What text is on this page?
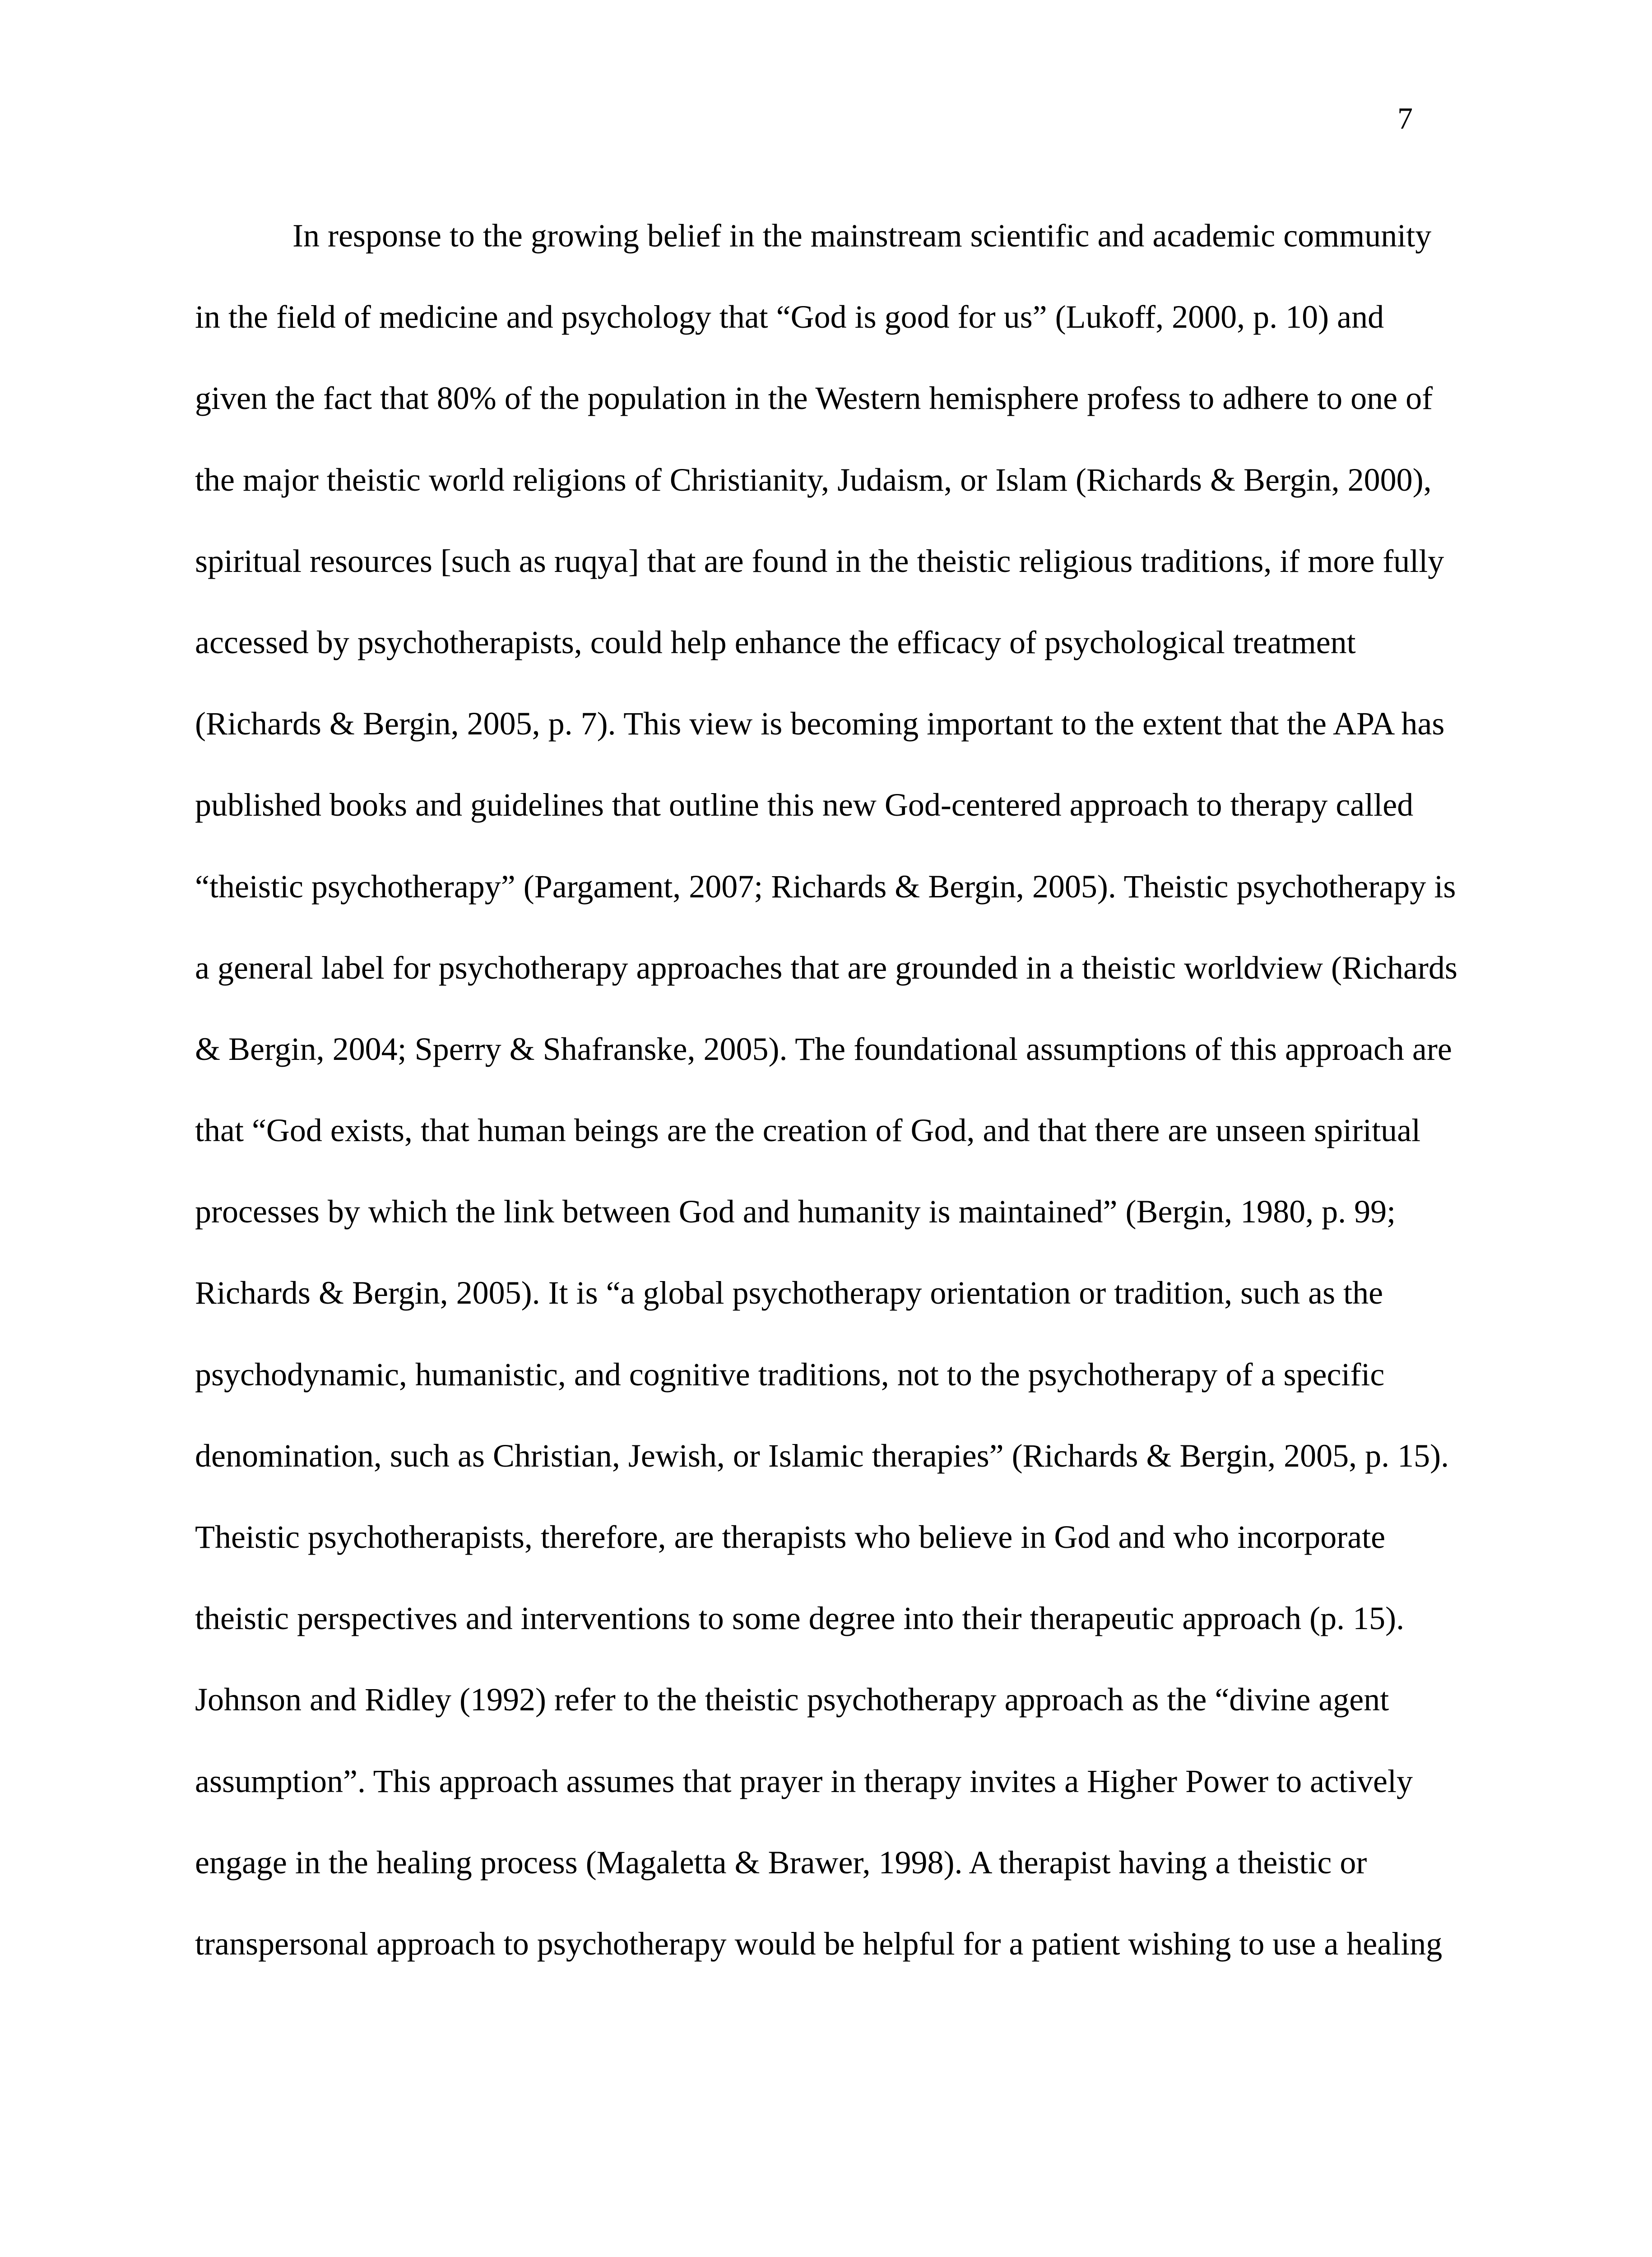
7
In response to the growing belief in the mainstream scientific and academic community
in the field of medicine and psychology that “God is good for us” (Lukoff, 2000, p. 10) and
given the fact that 80% of the population in the Western hemisphere profess to adhere to one of
the major theistic world religions of Christianity, Judaism, or Islam (Richards & Bergin, 2000),
spiritual resources [such as ruqya] that are found in the theistic religious traditions, if more fully
accessed by psychotherapists, could help enhance the efficacy of psychological treatment
(Richards & Bergin, 2005, p. 7). This view is becoming important to the extent that the APA has
published books and guidelines that outline this new God-centered approach to therapy called
“theistic psychotherapy” (Pargament, 2007; Richards & Bergin, 2005). Theistic psychotherapy is
a general label for psychotherapy approaches that are grounded in a theistic worldview (Richards
& Bergin, 2004; Sperry & Shafranske, 2005). The foundational assumptions of this approach are
that “God exists, that human beings are the creation of God, and that there are unseen spiritual
processes by which the link between God and humanity is maintained” (Bergin, 1980, p. 99;
Richards & Bergin, 2005). It is “a global psychotherapy orientation or tradition, such as the
psychodynamic, humanistic, and cognitive traditions, not to the psychotherapy of a specific
denomination, such as Christian, Jewish, or Islamic therapies” (Richards & Bergin, 2005, p. 15).
Theistic psychotherapists, therefore, are therapists who believe in God and who incorporate
theistic perspectives and interventions to some degree into their therapeutic approach (p. 15).
Johnson and Ridley (1992) refer to the theistic psychotherapy approach as the “divine agent
assumption”. This approach assumes that prayer in therapy invites a Higher Power to actively
engage in the healing process (Magaletta & Brawer, 1998). A therapist having a theistic or
transpersonal approach to psychotherapy would be helpful for a patient wishing to use a healing
